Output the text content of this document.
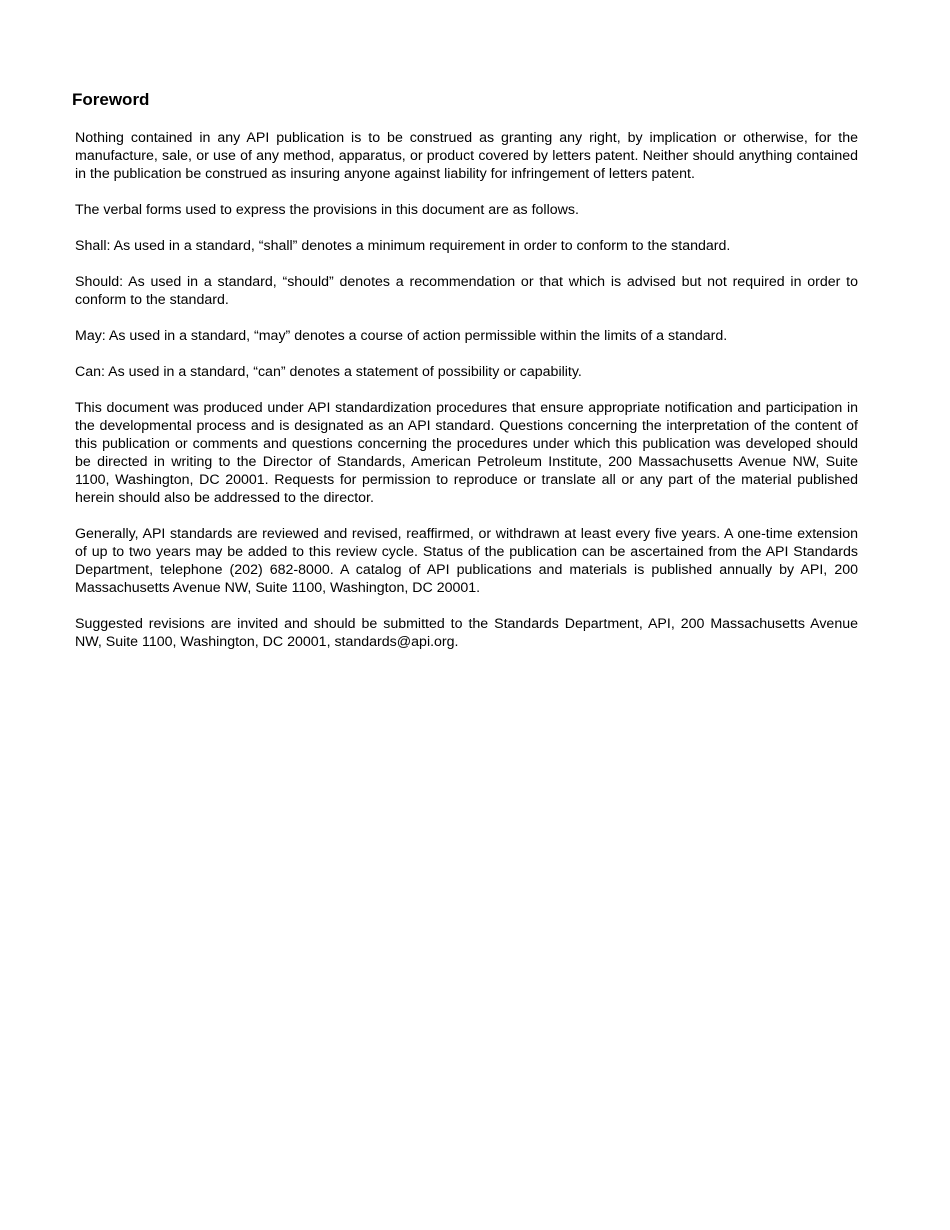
Foreword

Nothing contained in any API publication is to be construed as granting any right, by implication or otherwise, for the manufacture, sale, or use of any method, apparatus, or product covered by letters patent. Neither should anything contained in the publication be construed as insuring anyone against liability for infringement of letters patent.

The verbal forms used to express the provisions in this document are as follows.

Shall: As used in a standard, “shall” denotes a minimum requirement in order to conform to the standard.

Should: As used in a standard, “should” denotes a recommendation or that which is advised but not required in order to conform to the standard.

May: As used in a standard, “may” denotes a course of action permissible within the limits of a standard.

Can: As used in a standard, “can” denotes a statement of possibility or capability.

This document was produced under API standardization procedures that ensure appropriate notification and participation in the developmental process and is designated as an API standard. Questions concerning the interpretation of the content of this publication or comments and questions concerning the procedures under which this publication was developed should be directed in writing to the Director of Standards, American Petroleum Institute, 200 Massachusetts Avenue NW, Suite 1100, Washington, DC 20001. Requests for permission to reproduce or translate all or any part of the material published herein should also be addressed to the director.

Generally, API standards are reviewed and revised, reaffirmed, or withdrawn at least every five years. A one-time extension of up to two years may be added to this review cycle. Status of the publication can be ascertained from the API Standards Department, telephone (202) 682-8000. A catalog of API publications and materials is published annually by API, 200 Massachusetts Avenue NW, Suite 1100, Washington, DC 20001.

Suggested revisions are invited and should be submitted to the Standards Department, API, 200 Massachusetts Avenue NW, Suite 1100, Washington, DC 20001, standards@api.org.
